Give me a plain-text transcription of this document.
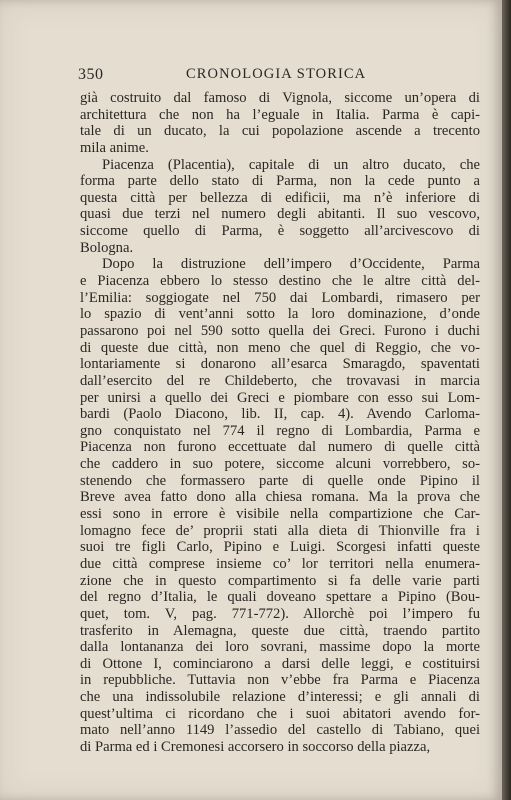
350	CRONOLOGIA STORICA
già costruito dal famoso di Vignola, siccome un’opera di
architettura che non ha l’eguale in Italia. Parma è capi-
tale di un ducato, la cui popolazione ascende a trecento
mila anime.
Piacenza (Placentia), capitale di un altro ducato, che
forma parte dello stato di Parma, non la cede punto a
questa città per bellezza di edificii, ma n’è inferiore di
quasi due terzi nel numero degli abitanti. Il suo vescovo,
siccome quello di Parma, è soggetto all’arcivescovo di
Bologna.
Dopo la distruzione dell’impero d’Occidente, Parma
e Piacenza ebbero lo stesso destino che le altre città del-
l’Emilia: soggiogate nel 750 dai Lombardi, rimasero per
lo spazio di vent’anni sotto la loro dominazione, d’onde
passarono poi nel 590 sotto quella dei Greci. Furono i duchi
di queste due città, non meno che quel di Reggio, che vo-
lontariamente si donarono all’esarca Smaragdo, spaventati
dall’esercito del re Childeberto, che trovavasi in marcia
per unirsi a quello dei Greci e piombare con esso sui Lom-
bardi (Paolo Diacono, lib. II, cap. 4). Avendo Carloma-
gno conquistato nel 774 il regno di Lombardia, Parma e
Piacenza non furono eccettuate dal numero di quelle città
che caddero in suo potere, siccome alcuni vorrebbero, so-
stenendo che formassero parte di quelle onde Pipino il
Breve avea fatto dono alla chiesa romana. Ma la prova che
essi sono in errore è visibile nella compartizione che Car-
lomagno fece de’ proprii stati alla dieta di Thionville fra i
suoi tre figli Carlo, Pipino e Luigi. Scorgesi infatti queste
due città comprese insieme co’ lor territori nella enumera-
zione che in questo compartimento si fa delle varie parti
del regno d’Italia, le quali doveano spettare a Pipino (Bou-
quet, tom. V, pag. 771-772). Allorchè poi l’impero fu
trasferito in Alemagna, queste due città, traendo partito
dalla lontananza dei loro sovrani, massime dopo la morte
di Ottone I, cominciarono a darsi delle leggi, e costituirsi
in repubbliche. Tuttavia non v’ebbe fra Parma e Piacenza
che una indissolubile relazione d’interessi; e gli annali di
quest’ultima ci ricordano che i suoi abitatori avendo for-
mato nell’anno 1149 l’assedio del castello di Tabiano, quei
di Parma ed i Cremonesi accorsero in soccorso della piazza,
